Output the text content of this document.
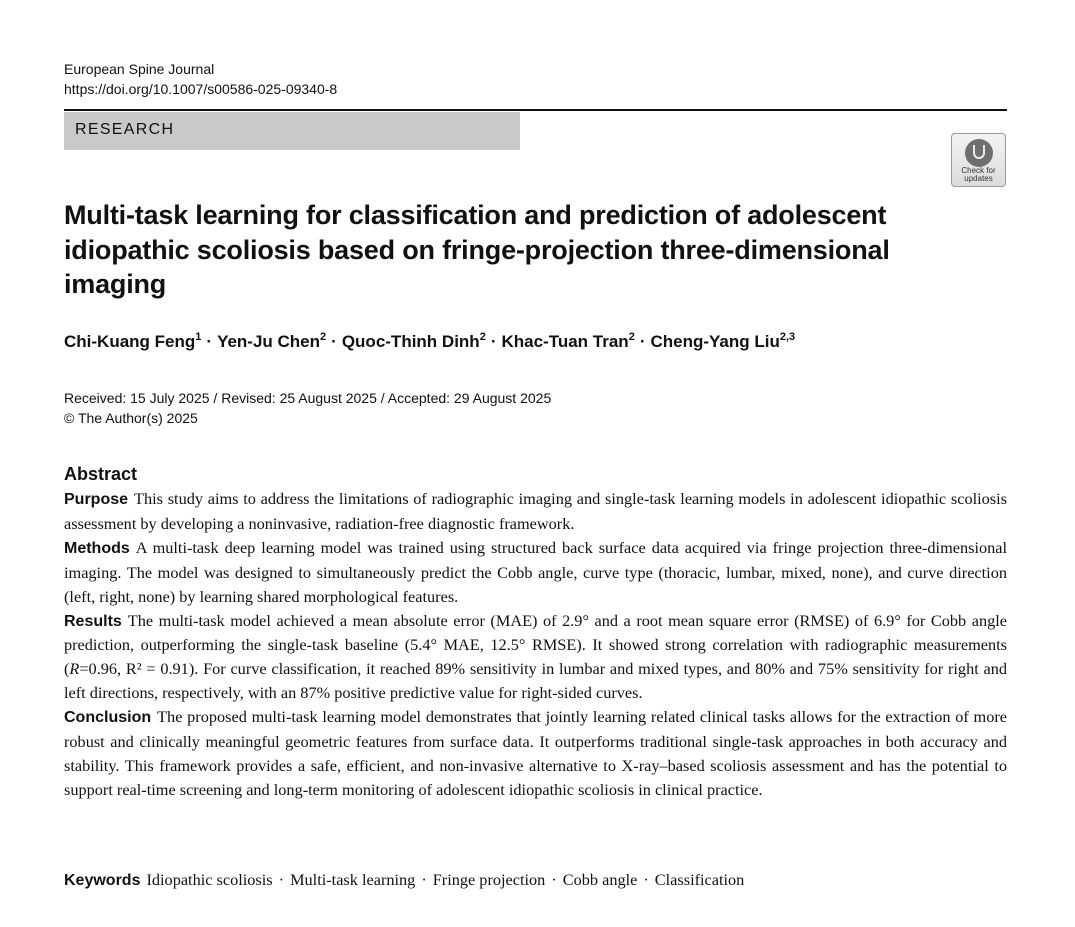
European Spine Journal
https://doi.org/10.1007/s00586-025-09340-8
RESEARCH
Check for updates
Multi-task learning for classification and prediction of adolescent idiopathic scoliosis based on fringe-projection three-dimensional imaging
Chi-Kuang Feng$^1$ · Yen-Ju Chen$^2$ · Quoc-Thinh Dinh$^2$ · Khac-Tuan Tran$^2$ · Cheng-Yang Liu$^{2,3}$
Received: 15 July 2025 / Revised: 25 August 2025 / Accepted: 29 August 2025
© The Author(s) 2025
Abstract

Purpose This study aims to address the limitations of radiographic imaging and single-task learning models in adolescent idiopathic scoliosis assessment by developing a noninvasive, radiation-free diagnostic framework.

Methods A multi-task deep learning model was trained using structured back surface data acquired via fringe projection three-dimensional imaging. The model was designed to simultaneously predict the Cobb angle, curve type (thoracic, lumbar, mixed, none), and curve direction (left, right, none) by learning shared morphological features.

Results The multi-task model achieved a mean absolute error (MAE) of 2.9° and a root mean square error (RMSE) of 6.9° for Cobb angle prediction, outperforming the single-task baseline (5.4° MAE, 12.5° RMSE). It showed strong correlation with radiographic measurements (R=0.96, R² = 0.91). For curve classification, it reached 89% sensitivity in lumbar and mixed types, and 80% and 75% sensitivity for right and left directions, respectively, with an 87% positive predictive value for right-sided curves.

Conclusion The proposed multi-task learning model demonstrates that jointly learning related clinical tasks allows for the extraction of more robust and clinically meaningful geometric features from surface data. It outperforms traditional single-task approaches in both accuracy and stability. This framework provides a safe, efficient, and non-invasive alternative to X-ray–based scoliosis assessment and has the potential to support real-time screening and long-term monitoring of adolescent idiopathic scoliosis in clinical practice.

Keywords Idiopathic scoliosis · Multi-task learning · Fringe projection · Cobb angle · Classification
